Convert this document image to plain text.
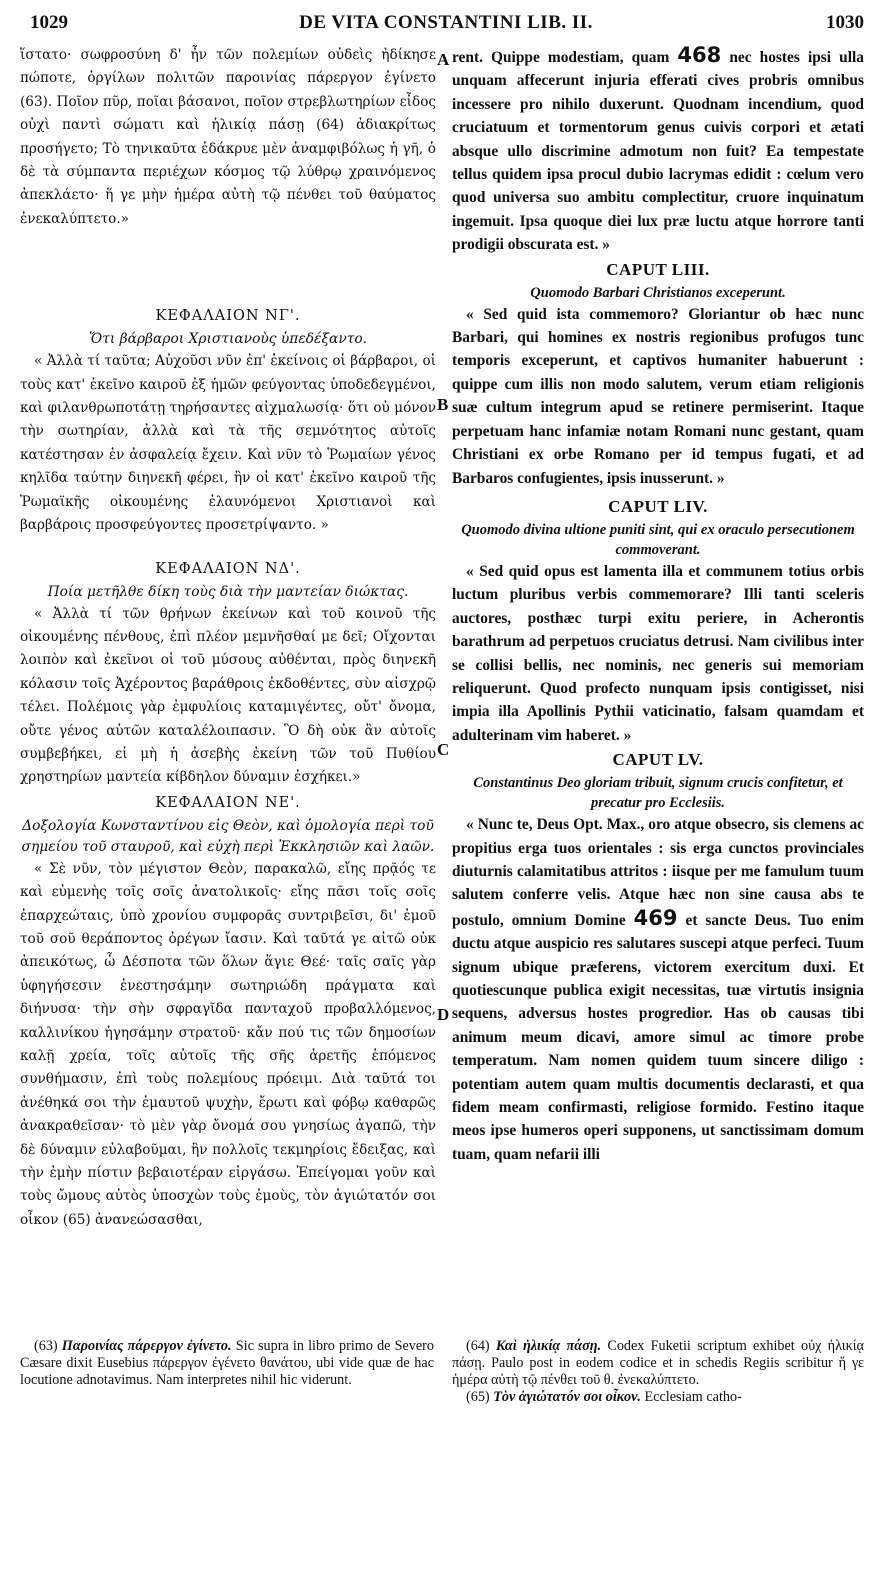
1029	DE VITA CONSTANTINI LIB. II.	1030
A
B
C
D

ἵστατο· σωφροσύνη δ' ἦν τῶν πολεμίων οὐδεὶς ἠδίκησε πώποτε, ὀργίλων πολιτῶν παροινίας πάρεργον ἐγίνετο (63). Ποῖον πῦρ, ποῖαι βάσανοι, ποῖον στρεβλωτηρίων εἶδος οὐχὶ παντὶ σώματι καὶ ἡλικίᾳ πάσῃ (64) ἀδιακρίτως προσήγετο; Τὸ τηνικαῦτα ἐδάκρυε μὲν ἀναμφιβόλως ἡ γῆ, ὁ δὲ τὰ σύμπαντα περιέχων κόσμος τῷ λύθρῳ χραινόμενος ἀπεκλάετο· ἥ γε μὴν ἡμέρα αὐτὴ τῷ πένθει τοῦ θαύματος ἐνεκαλύπτετο.»

ΚΕΦΑΛΑΙΟΝ ΝΓ'.

Ὅτι βάρβαροι Χριστιανοὺς ὑπεδέξαντο.

« Ἀλλὰ τί ταῦτα; Αὐχοῦσι νῦν ἐπ' ἐκείνοις οἱ βάρβαροι, οἱ τοὺς κατ' ἐκεῖνο καιροῦ ἐξ ἡμῶν φεύγοντας ὑποδεδεγμένοι, καὶ φιλανθρωποτάτῃ τηρήσαντες αἰχμαλωσίᾳ· ὅτι οὐ μόνον τὴν σωτηρίαν, ἀλλὰ καὶ τὰ τῆς σεμνότητος αὐτοῖς κατέστησαν ἐν ἀσφαλείᾳ ἔχειν. Καὶ νῦν τὸ Ῥωμαίων γένος κηλῖδα ταύτην διηνεκῆ φέρει, ἣν οἱ κατ' ἐκεῖνο καιροῦ τῆς Ῥωμαϊκῆς οἰκουμένης ἐλαυνόμενοι Χριστιανοὶ καὶ βαρβάροις προσφεύγοντες προσετρίψαντο. »

ΚΕΦΑΛΑΙΟΝ ΝΔ'.

Ποία μετῆλθε δίκη τοὺς διὰ τὴν μαντείαν διώκτας.

« Ἀλλὰ τί τῶν θρήνων ἐκείνων καὶ τοῦ κοινοῦ τῆς οἰκουμένης πένθους, ἐπὶ πλέον μεμνῆσθαί με δεῖ; Οἴχονται λοιπὸν καὶ ἐκεῖνοι οἱ τοῦ μύσους αὐθένται, πρὸς διηνεκῆ κόλασιν τοῖς Ἀχέροντος βαράθροις ἐκδοθέντες, σὺν αἰσχρῷ τέλει. Πολέμοις γὰρ ἐμφυλίοις καταμιγέντες, οὔτ' ὄνομα, οὔτε γένος αὐτῶν καταλέλοιπασιν. Ὃ δὴ οὐκ ἂν αὐτοῖς συμβεβήκει, εἰ μὴ ἡ ἀσεβὴς ἐκείνη τῶν τοῦ Πυθίου χρηστηρίων μαντεία κίβδηλον δύναμιν ἐσχήκει.»

ΚΕΦΑΛΑΙΟΝ ΝΕ'.

Δοξολογία Κωνσταντίνου εἰς Θεὸν, καὶ ὁμολογία περὶ τοῦ σημείου τοῦ σταυροῦ, καὶ εὐχὴ περὶ Ἐκκλησιῶν καὶ λαῶν.

« Σὲ νῦν, τὸν μέγιστον Θεὸν, παρακαλῶ, εἴης πρᾷός τε καὶ εὐμενὴς τοῖς σοῖς ἀνατολικοῖς· εἴης πᾶσι τοῖς σοῖς ἐπαρχεώταις, ὑπὸ χρονίου συμφορᾶς συντριβεῖσι, δι' ἐμοῦ τοῦ σοῦ θεράποντος ὀρέγων ἴασιν. Καὶ ταῦτά γε αἰτῶ οὐκ ἀπεικότως, ὦ Δέσποτα τῶν ὅλων ἅγιε Θεέ· ταῖς σαῖς γὰρ ὑφηγήσεσιν ἐνεστησάμην σωτηριώδη πράγματα καὶ διήνυσα· τὴν σὴν σφραγῖδα πανταχοῦ προβαλλόμενος, καλλινίκου ἡγησάμην στρατοῦ· κἄν πού τις τῶν δημοσίων καλῇ χρεία, τοῖς αὐτοῖς τῆς σῆς ἀρετῆς ἑπόμενος συνθήμασιν, ἐπὶ τοὺς πολεμίους πρόειμι. Διὰ ταῦτά τοι ἀνέθηκά σοι τὴν ἐμαυτοῦ ψυχὴν, ἔρωτι καὶ φόβῳ καθαρῶς ἀνακραθεῖσαν· τὸ μὲν γὰρ ὄνομά σου γνησίως ἀγαπῶ, τὴν δὲ δύναμιν εὐλαβοῦμαι, ἣν πολλοῖς τεκμηρίοις ἔδειξας, καὶ τὴν ἐμὴν πίστιν βεβαιοτέραν εἰργάσω. Ἐπείγομαι γοῦν καὶ τοὺς ὤμους αὐτὸς ὑποσχὼν τοὺς ἐμοὺς, τὸν ἁγιώτατόν σοι οἶκον (65) ἀνανεώσασθαι,

rent. Quippe modestiam, quam 468 nec hostes ipsi ulla unquam affecerunt injuria efferati cives probris omnibus incessere pro nihilo duxerunt. Quodnam incendium, quod cruciatuum et tormentorum genus cuivis corpori et ætati absque ullo discrimine admotum non fuit? Ea tempestate tellus quidem ipsa procul dubio lacrymas edidit : cœlum vero quod universa suo ambitu complectitur, cruore inquinatum ingemuit. Ipsa quoque diei lux præ luctu atque horrore tanti prodigii obscurata est. »

CAPUT LIII.

Quomodo Barbari Christianos exceperunt.

« Sed quid ista commemoro? Gloriantur ob hæc nunc Barbari, qui homines ex nostris regionibus profugos tunc temporis exceperunt, et captivos humaniter habuerunt : quippe cum illis non modo salutem, verum etiam religionis suæ cultum integrum apud se retinere permiserint. Itaque perpetuam hanc infamiæ notam Romani nunc gestant, quam Christiani ex orbe Romano per id tempus fugati, et ad Barbaros confugientes, ipsis inusserunt. »

CAPUT LIV.

Quomodo divina ultione puniti sint, qui ex oraculo persecutionem commoverant.

« Sed quid opus est lamenta illa et communem totius orbis luctum pluribus verbis commemorare? Illi tanti sceleris auctores, posthæc turpi exitu periere, in Acherontis barathrum ad perpetuos cruciatus detrusi. Nam civilibus inter se collisi bellis, nec nominis, nec generis sui memoriam reliquerunt. Quod profecto nunquam ipsis contigisset, nisi impia illa Apollinis Pythii vaticinatio, falsam quamdam et adulterinam vim haberet. »

CAPUT LV.

Constantinus Deo gloriam tribuit, signum crucis confitetur, et precatur pro Ecclesiis.

« Nunc te, Deus Opt. Max., oro atque obsecro, sis clemens ac propitius erga tuos orientales : sis erga cunctos provinciales diuturnis calamitatibus attritos : iisque per me famulum tuum salutem conferre velis. Atque hæc non sine causa abs te postulo, omnium Domine 469 et sancte Deus. Tuo enim ductu atque auspicio res salutares suscepi atque perfeci. Tuum signum ubique præferens, victorem exercitum duxi. Et quotiescunque publica exigit necessitas, tuæ virtutis insignia sequens, adversus hostes progredior. Has ob causas tibi animum meum dicavi, amore simul ac timore probe temperatum. Nam nomen quidem tuum sincere diligo : potentiam autem quam multis documentis declarasti, et qua fidem meam confirmasti, religiose formido. Festino itaque meos ipse humeros operi supponens, ut sanctissimam domum tuam, quam nefarii illi

(63) Παροινίας πάρεργον ἐγίνετο. Sic supra in libro primo de Severo Cæsare dixit Eusebius πάρεργον ἐγένετο θανάτου, ubi vide quæ de hac locutione adnotavimus. Nam interpretes nihil hic viderunt.

(64) Καὶ ἡλικίᾳ πάσῃ. Codex Fuketii scriptum exhibet οὐχ ἡλικίᾳ πάσῃ. Paulo post in eodem codice et in schedis Regiis scribitur ἥ γε ἡμέρα αὐτὴ τῷ πένθει τοῦ θ. ἐνεκαλύπτετο.

(65) Τὸν ἁγιώτατόν σοι οἶκον. Ecclesiam catho-
